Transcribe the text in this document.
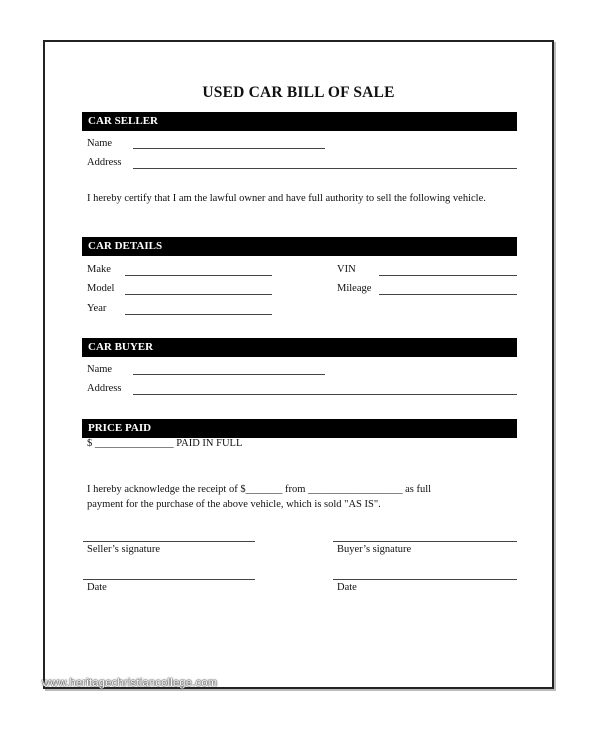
USED CAR BILL OF SALE
CAR SELLER
Name
Address
I hereby certify that I am the lawful owner and have full authority to sell the following vehicle.
CAR DETAILS
Make
Model
Year
VIN
Mileage
CAR BUYER
Name
Address
PRICE PAID
$ _______________ PAID IN FULL
I hereby acknowledge the receipt of $_______ from __________________ as full
payment for the purchase of the above vehicle, which is sold "AS IS".
Seller’s signature	Buyer’s signature
Date	Date
www.heritagechristiancollege.com
